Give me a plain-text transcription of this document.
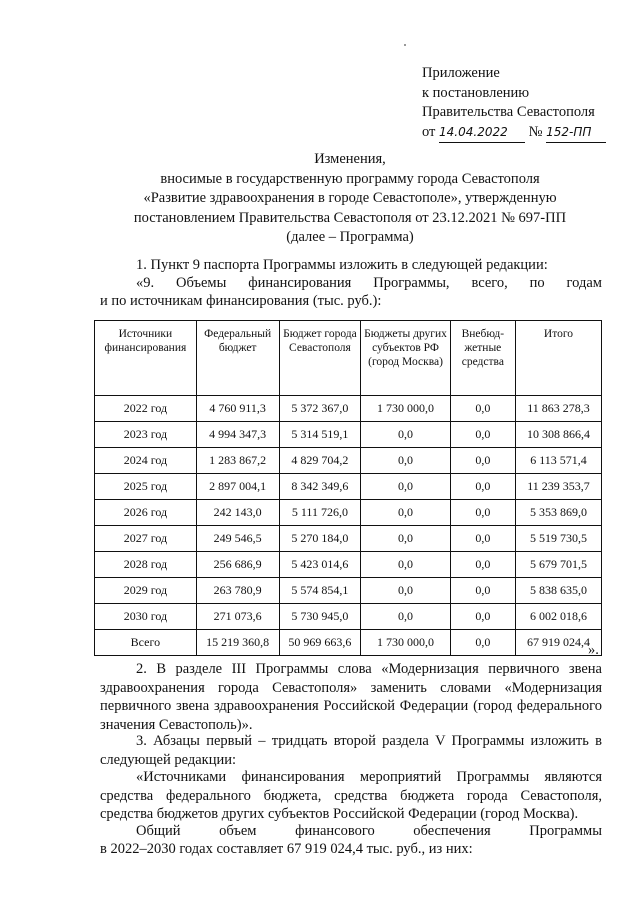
Приложение
к постановлению
Правительства Севастополя
от 14.04.2022 № 152-ПП
Изменения,
вносимые в государственную программу города Севастополя
«Развитие здравоохранения в городе Севастополе», утвержденную
постановлением Правительства Севастополя от 23.12.2021 № 697-ПП
(далее – Программа)
1. Пункт 9 паспорта Программы изложить в следующей редакции:
«9. Объемы финансирования Программы, всего, по годам
и по источникам финансирования (тыс. руб.):
Источники финансирования	Федеральный бюджет	Бюджет города Севастополя	Бюджеты других субъектов РФ (город Москва)	Внебюд-жетные средства	Итого
2022 год	4 760 911,3	5 372 367,0	1 730 000,0	0,0	11 863 278,3
2023 год	4 994 347,3	5 314 519,1	0,0	0,0	10 308 866,4
2024 год	1 283 867,2	4 829 704,2	0,0	0,0	6 113 571,4
2025 год	2 897 004,1	8 342 349,6	0,0	0,0	11 239 353,7
2026 год	242 143,0	5 111 726,0	0,0	0,0	5 353 869,0
2027 год	249 546,5	5 270 184,0	0,0	0,0	5 519 730,5
2028 год	256 686,9	5 423 014,6	0,0	0,0	5 679 701,5
2029 год	263 780,9	5 574 854,1	0,0	0,0	5 838 635,0
2030 год	271 073,6	5 730 945,0	0,0	0,0	6 002 018,6
Всего	15 219 360,8	50 969 663,6	1 730 000,0	0,0	67 919 024,4
».
2. В разделе III Программы слова «Модернизация первичного звена здравоохранения города Севастополя» заменить словами «Модернизация первичного звена здравоохранения Российской Федерации (город федерального значения Севастополь)».
3. Абзацы первый – тридцать второй раздела V Программы изложить в следующей редакции:
«Источниками финансирования мероприятий Программы являются средства федерального бюджета, средства бюджета города Севастополя, средства бюджетов других субъектов Российской Федерации (город Москва).
Общий	объем	финансового	обеспечения	Программы
в 2022–2030 годах составляет 67 919 024,4 тыс. руб., из них:
